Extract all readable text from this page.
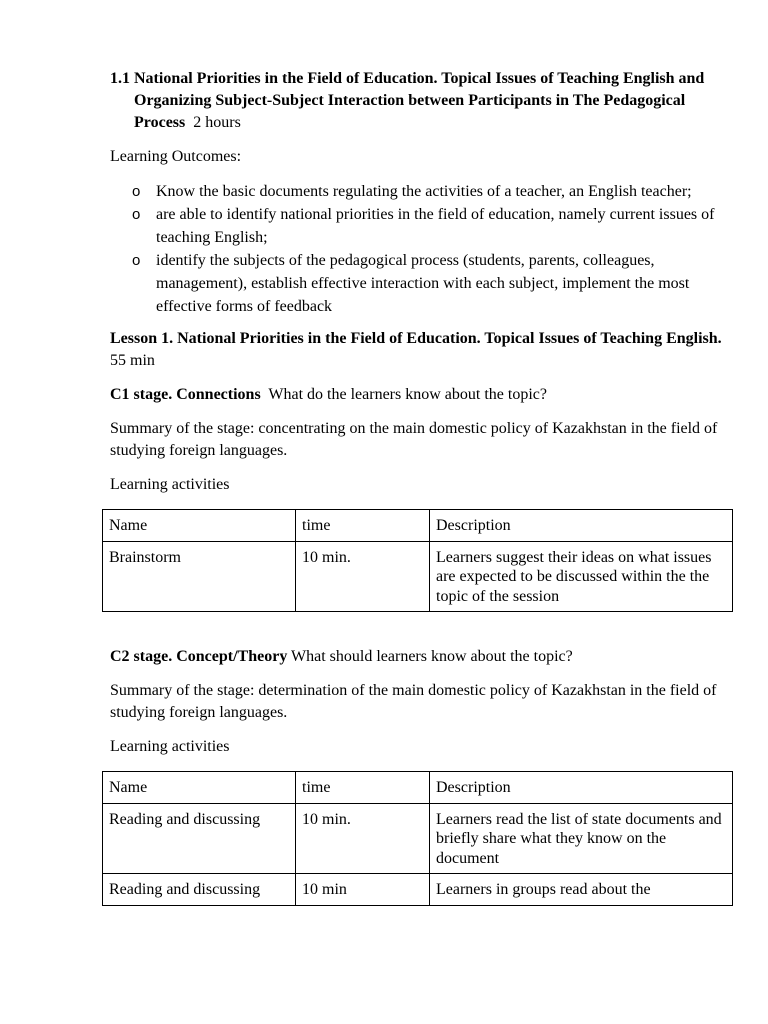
1.1 National Priorities in the Field of Education. Topical Issues of Teaching English and Organizing Subject-Subject Interaction between Participants in The Pedagogical Process 2 hours

Learning Outcomes:

o Know the basic documents regulating the activities of a teacher, an English teacher;
o are able to identify national priorities in the field of education, namely current issues of teaching English;
o identify the subjects of the pedagogical process (students, parents, colleagues, management), establish effective interaction with each subject, implement the most effective forms of feedback

Lesson 1. National Priorities in the Field of Education. Topical Issues of Teaching English. 55 min

C1 stage. Connections What do the learners know about the topic?

Summary of the stage: concentrating on the main domestic policy of Kazakhstan in the field of studying foreign languages.

Learning activities

Name	time	Description
Brainstorm	10 min.	Learners suggest their ideas on what issues are expected to be discussed within the the topic of the session

C2 stage. Concept/Theory What should learners know about the topic?

Summary of the stage: determination of the main domestic policy of Kazakhstan in the field of studying foreign languages.

Learning activities

Name	time	Description
Reading and discussing	10 min.	Learners read the list of state documents and briefly share what they know on the document
Reading and discussing	10 min	Learners in groups read about the
